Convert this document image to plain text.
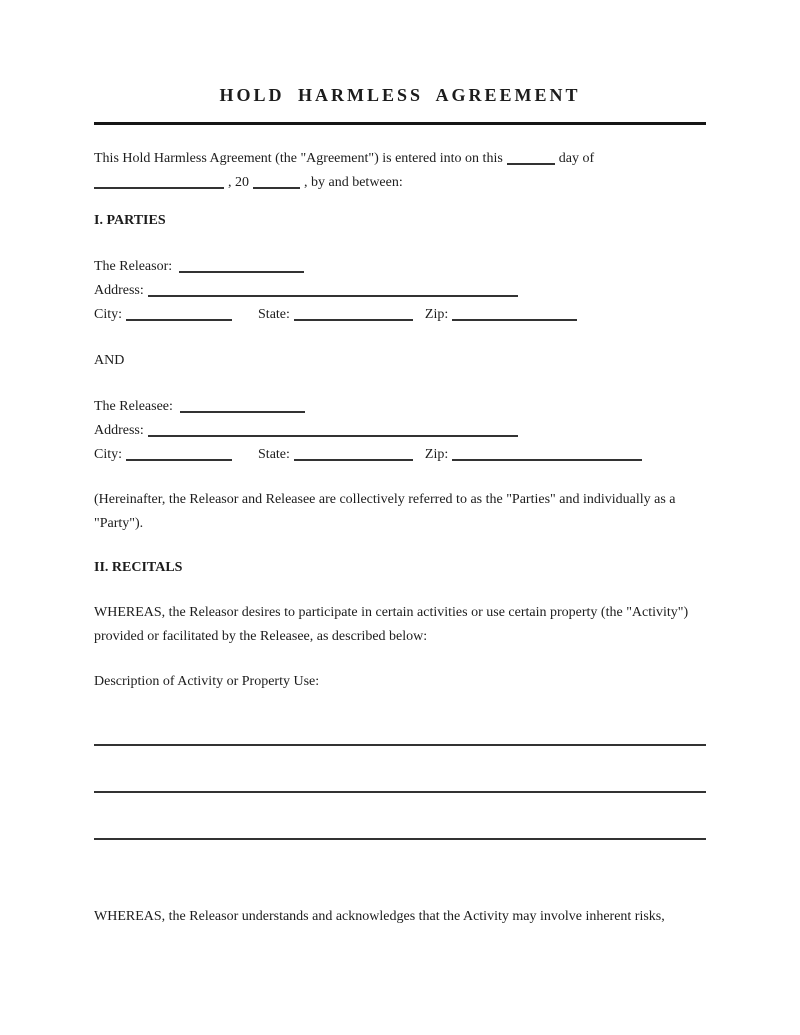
HOLD HARMLESS AGREEMENT
This Hold Harmless Agreement (the "Agreement") is entered into on this	day of
, 20	, by and between:
I. PARTIES
The Releasor:
Address:
City:	State:	Zip:
AND
The Releasee:
Address:
City:	State:	Zip:
(Hereinafter, the Releasor and Releasee are collectively referred to as the "Parties" and individually as a
"Party").
II. RECITALS
WHEREAS, the Releasor desires to participate in certain activities or use certain property (the "Activity")
provided or facilitated by the Releasee, as described below:
Description of Activity or Property Use:
WHEREAS, the Releasor understands and acknowledges that the Activity may involve inherent risks,
